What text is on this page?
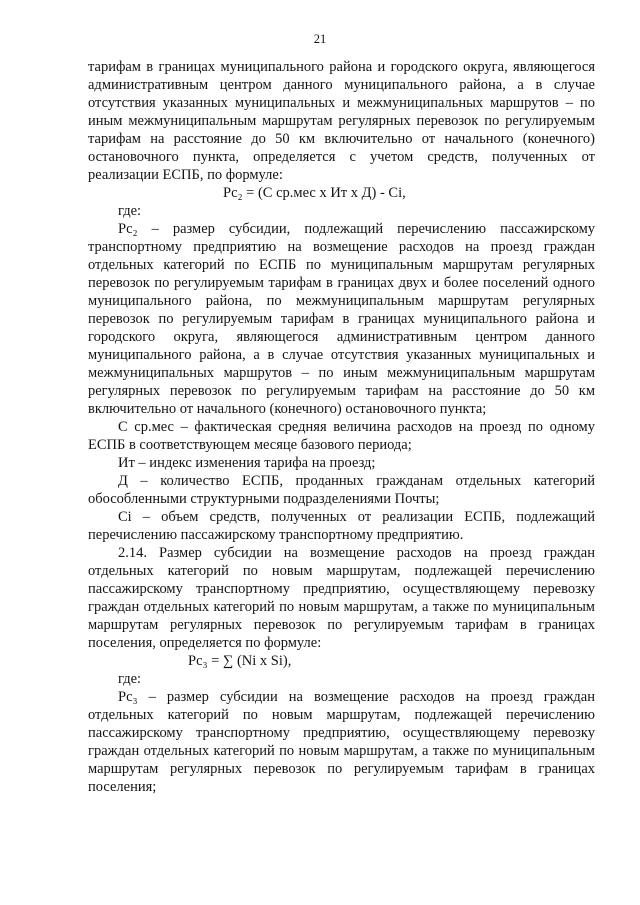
21

тарифам в границах муниципального района и городского округа, являющегося административным центром данного муниципального района, а в случае отсутствия указанных муниципальных и межмуниципальных маршрутов – по иным межмуниципальным маршрутам регулярных перевозок по регулируемым тарифам на расстояние до 50 км включительно от начального (конечного) остановочного пункта, определяется с учетом средств, полученных от реализации ЕСПБ, по формуле:

Рс₂ = (С ср.мес х Ит х Д) - Сi,

где:

Рс₂ – размер субсидии, подлежащий перечислению пассажирскому транспортному предприятию на возмещение расходов на проезд граждан отдельных категорий по ЕСПБ по муниципальным маршрутам регулярных перевозок по регулируемым тарифам в границах двух и более поселений одного муниципального района, по межмуниципальным маршрутам регулярных перевозок по регулируемым тарифам в границах муниципального района и городского округа, являющегося административным центром данного муниципального района, а в случае отсутствия указанных муниципальных и межмуниципальных маршрутов – по иным межмуниципальным маршрутам регулярных перевозок по регулируемым тарифам на расстояние до 50 км включительно от начального (конечного) остановочного пункта;

С ср.мес – фактическая средняя величина расходов на проезд по одному ЕСПБ в соответствующем месяце базового периода;

Ит – индекс изменения тарифа на проезд;

Д – количество ЕСПБ, проданных гражданам отдельных категорий обособленными структурными подразделениями Почты;

Сi – объем средств, полученных от реализации ЕСПБ, подлежащий перечислению пассажирскому транспортному предприятию.

2.14. Размер субсидии на возмещение расходов на проезд граждан отдельных категорий по новым маршрутам, подлежащей перечислению пассажирскому транспортному предприятию, осуществляющему перевозку граждан отдельных категорий по новым маршрутам, а также по муниципальным маршрутам регулярных перевозок по регулируемым тарифам в границах поселения, определяется по формуле:

Рс₃ = ∑ (Ni x Si),

где:

Рс₃ – размер субсидии на возмещение расходов на проезд граждан отдельных категорий по новым маршрутам, подлежащей перечислению пассажирскому транспортному предприятию, осуществляющему перевозку граждан отдельных категорий по новым маршрутам, а также по муниципальным маршрутам регулярных перевозок по регулируемым тарифам в границах поселения;
